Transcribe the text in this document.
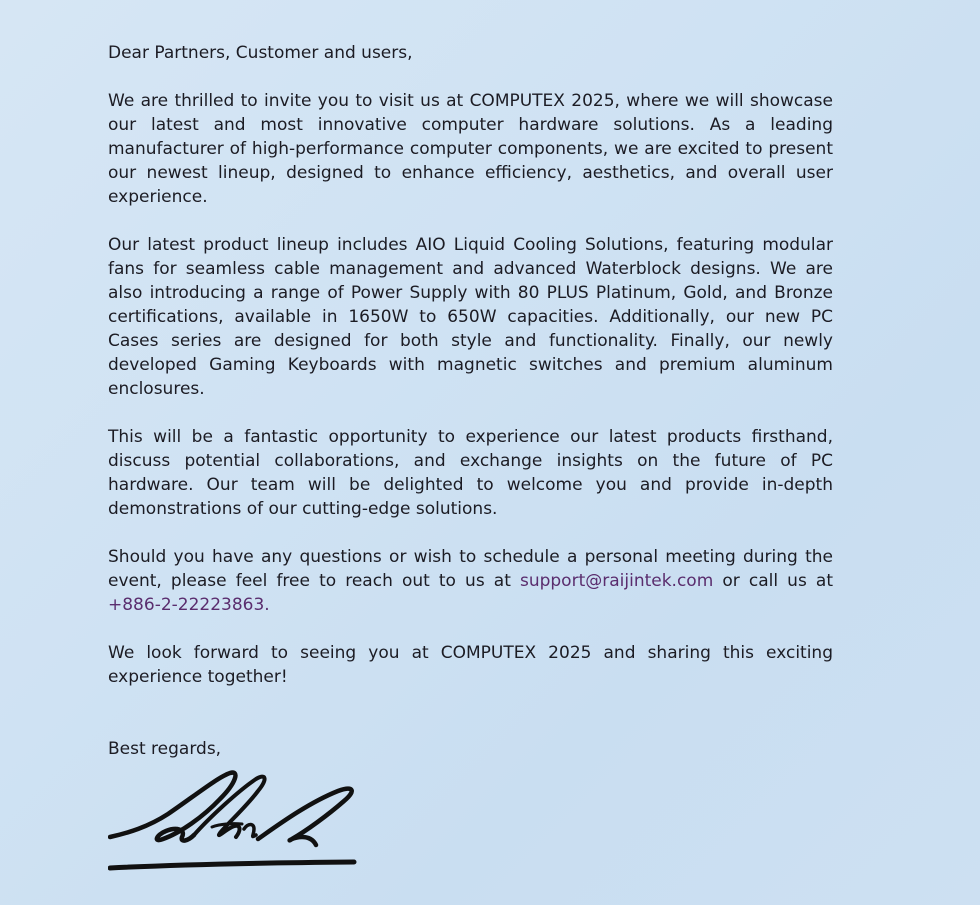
Dear Partners, Customer and users,

We are thrilled to invite you to visit us at COMPUTEX 2025, where we will showcase our latest and most innovative computer hardware solutions. As a leading manufacturer of high-performance computer components, we are excited to present our newest lineup, designed to enhance efficiency, aesthetics, and overall user experience.

Our latest product lineup includes AIO Liquid Cooling Solutions, featuring modular fans for seamless cable management and advanced Waterblock designs. We are also introducing a range of Power Supply with 80 PLUS Platinum, Gold, and Bronze certifications, available in 1650W to 650W capacities. Additionally, our new PC Cases series are designed for both style and functionality. Finally, our newly developed Gaming Keyboards with magnetic switches and premium aluminum enclosures.

This will be a fantastic opportunity to experience our latest products firsthand, discuss potential collaborations, and exchange insights on the future of PC hardware. Our team will be delighted to welcome you and provide in-depth demonstrations of our cutting-edge solutions.

Should you have any questions or wish to schedule a personal meeting during the event, please feel free to reach out to us at support@raijintek.com or call us at +886-2-22223863.

We look forward to seeing you at COMPUTEX 2025 and sharing this exciting experience together!

Best regards,
